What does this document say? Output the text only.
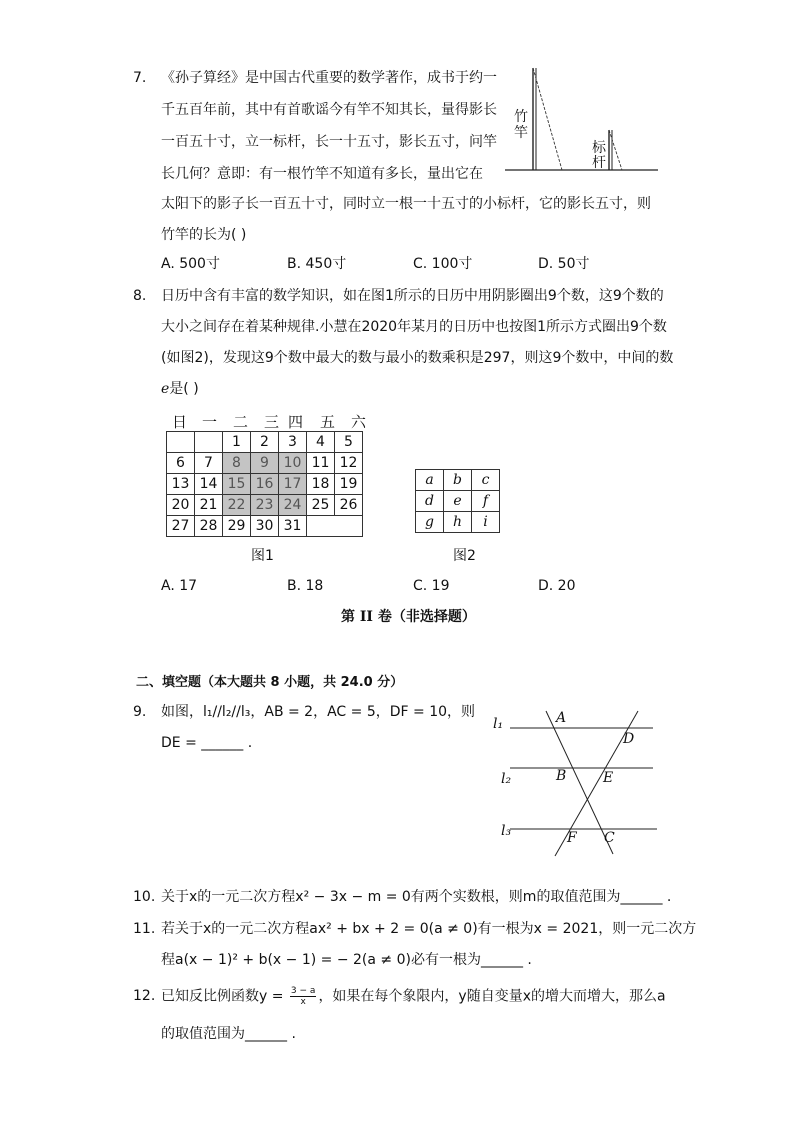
7. 《孙子算经》是中国古代重要的数学著作，成书于约一
千五百年前，其中有首歌谣今有竿不知其长，量得影长
一百五十寸，立一标杆，长一十五寸，影长五寸，问竿
长几何？意即：有一根竹竿不知道有多长，量出它在
太阳下的影子长一百五十寸，同时立一根一十五寸的小标杆，它的影长五寸，则
竹竿的长为( )
竹
竿
标
杆
A. 500寸	B. 450寸	C. 100寸	D. 50寸
8. 日历中含有丰富的数学知识，如在图1所示的日历中用阴影圈出9个数，这9个数的
大小之间存在着某种规律.小慧在2020年某月的日历中也按图1所示方式圈出9个数
(如图2)，发现这9个数中最大的数与最小的数乘积是297，则这9个数中，中间的数
e是( )
日 一 二 三 四 五 六
		1	2	3	4	5
6	7	8	9	10	11	12
13	14	15	16	17	18	19
20	21	22	23	24	25	26
27	28	29	30	31		
图1
a	b	c
d	e	f
g	h	i
图2
A. 17	B. 18	C. 19	D. 20
第 II 卷（非选择题）
二、填空题（本大题共 8 小题，共 24.0 分）
9. 如图，l₁//l₂//l₃，AB = 2，AC = 5，DF = 10，则
DE = ______ .
l₁
l₂
l₃
A
D
B	E
F C
10. 关于x的一元二次方程x² − 3x − m = 0有两个实数根，则m的取值范围为______ .
11. 若关于x的一元二次方程ax² + bx + 2 = 0(a ≠ 0)有一根为x = 2021，则一元二次方
程a(x − 1)² + b(x − 1) = − 2(a ≠ 0)必有一根为______ .
12. 已知反比例函数$y = \frac{3 - a}{x}$ ，如果在每个象限内，y随自变量x的增大而增大，那么a
的取值范围为______ .
